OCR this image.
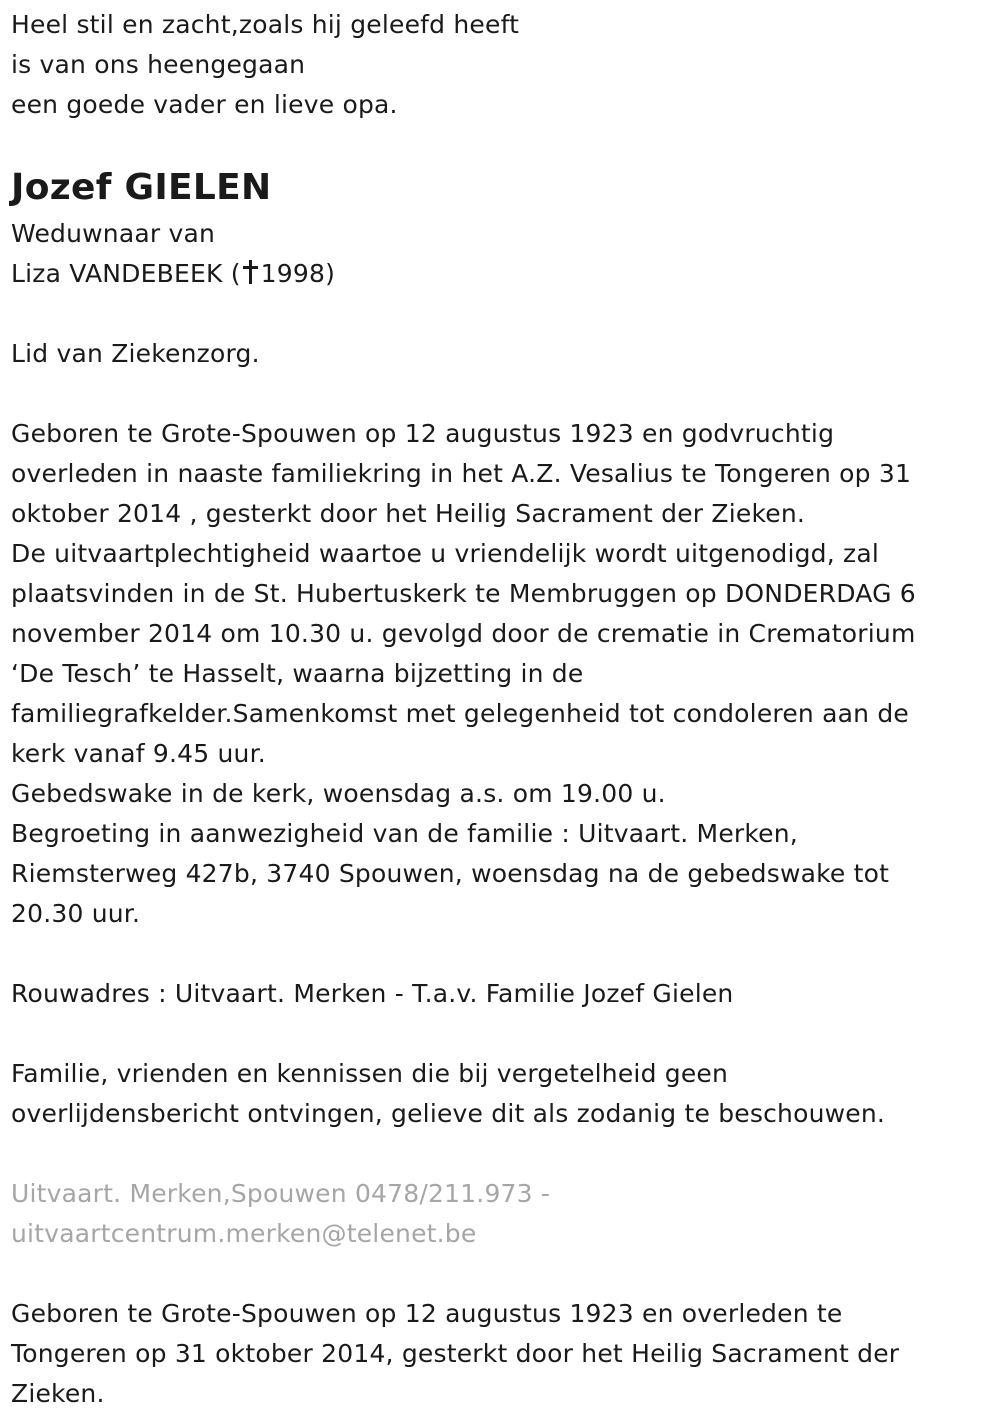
Heel stil en zacht,zoals hij geleefd heeft
is van ons heengegaan
een goede vader en lieve opa.
Jozef GIELEN
Weduwnaar van
Liza VANDEBEEK ( 1998)
Lid van Ziekenzorg.
Geboren te Grote-Spouwen op 12 augustus 1923 en godvruchtig
overleden in naaste familiekring in het A.Z. Vesalius te Tongeren op 31
oktober 2014 , gesterkt door het Heilig Sacrament der Zieken.
De uitvaartplechtigheid waartoe u vriendelijk wordt uitgenodigd, zal
plaatsvinden in de St. Hubertuskerk te Membruggen op DONDERDAG 6
november 2014 om 10.30 u. gevolgd door de crematie in Crematorium
‘De Tesch’ te Hasselt, waarna bijzetting in de
familiegrafkelder.Samenkomst met gelegenheid tot condoleren aan de
kerk vanaf 9.45 uur.
Gebedswake in de kerk, woensdag a.s. om 19.00 u.
Begroeting in aanwezigheid van de familie : Uitvaart. Merken,
Riemsterweg 427b, 3740 Spouwen, woensdag na de gebedswake tot
20.30 uur.
Rouwadres : Uitvaart. Merken - T.a.v. Familie Jozef Gielen
Familie, vrienden en kennissen die bij vergetelheid geen
overlijdensbericht ontvingen, gelieve dit als zodanig te beschouwen.
Uitvaart. Merken,Spouwen 0478/211.973 -
uitvaartcentrum.merken@telenet.be
Geboren te Grote-Spouwen op 12 augustus 1923 en overleden te
Tongeren op 31 oktober 2014, gesterkt door het Heilig Sacrament der
Zieken.
